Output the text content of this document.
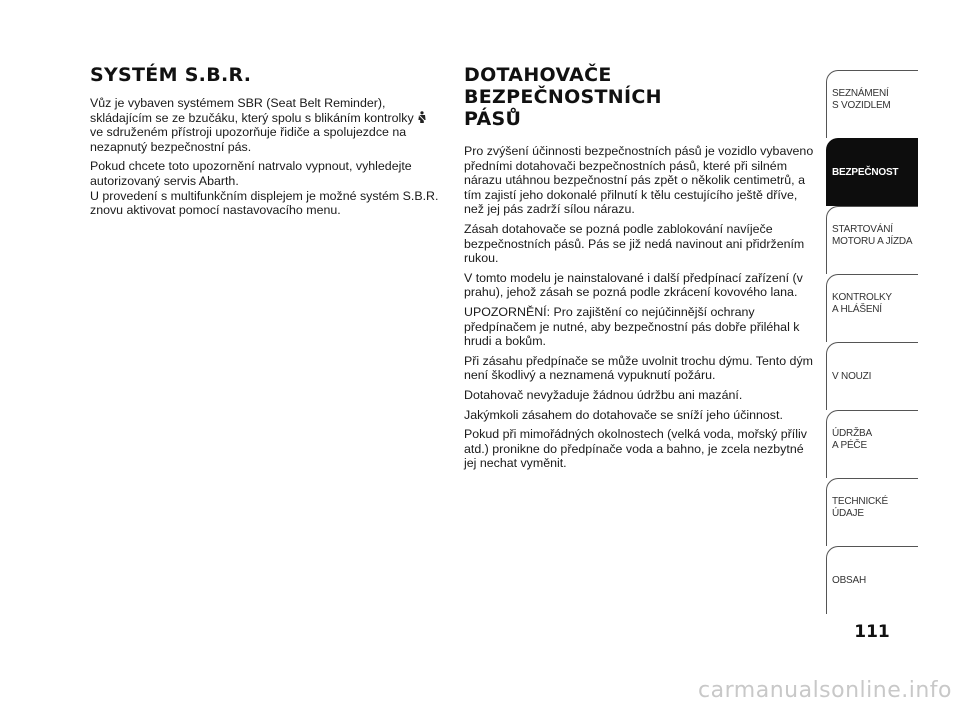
SYSTÉM S.B.R.

Vůz je vybaven systémem SBR (Seat Belt Reminder), skládajícím se ze bzučáku, který spolu s blikáním kontrolky  ve sdruženém přístroji upozorňuje řidiče a spolujezdce na nezapnutý bezpečnostní pás.

Pokud chcete toto upozornění natrvalo vypnout, vyhledejte autorizovaný servis Abarth.

U provedení s multifunkčním displejem je možné systém S.B.R. znovu aktivovat pomocí nastavovacího menu.

DOTAHOVAČE BEZPEČNOSTNÍCH
PÁSŮ

Pro zvýšení účinnosti bezpečnostních pásů je vozidlo vybaveno předními dotahovači bezpečnostních pásů, které při silném nárazu utáhnou bezpečnostní pás zpět o několik centimetrů, a tím zajistí jeho dokonalé přilnutí k tělu cestujícího ještě dříve, než jej pás zadrží sílou nárazu.

Zásah dotahovače se pozná podle zablokování navíječe bezpečnostních pásů. Pás se již nedá navinout ani přidržením rukou.

V tomto modelu je nainstalované i další předpínací zařízení (v prahu), jehož zásah se pozná podle zkrácení kovového lana.

UPOZORNĚNÍ: Pro zajištění co nejúčinnější ochrany předpínačem je nutné, aby bezpečnostní pás dobře přiléhal k hrudi a bokům.

Při zásahu předpínače se může uvolnit trochu dýmu. Tento dým není škodlivý a neznamená vypuknutí požáru.

Dotahovač nevyžaduje žádnou údržbu ani mazání.

Jakýmkoli zásahem do dotahovače se sníží jeho účinnost.

Pokud při mimořádných okolnostech (velká voda, mořský příliv atd.) pronikne do předpínače voda a bahno, je zcela nezbytné jej nechat vyměnit.

SEZNÁMENÍ
S VOZIDLEM
BEZPEČNOST
STARTOVÁNÍ
MOTORU A JÍZDA
KONTROLKY
A HLÁŠENÍ
V NOUZI
ÚDRŽBA
A PÉČE
TECHNICKÉ
ÚDAJE
OBSAH
111
carmanualsonline.info
